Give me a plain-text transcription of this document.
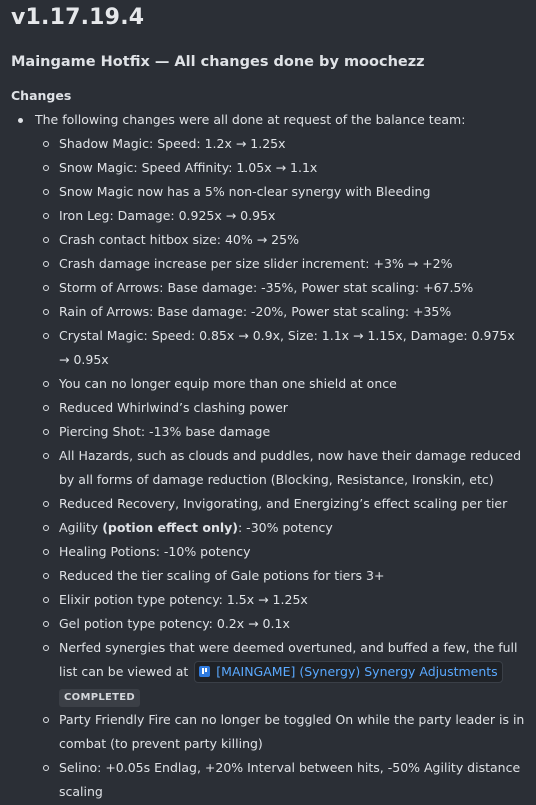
v1.17.19.4
Maingame Hotfix — All changes done by moochezz
Changes
The following changes were all done at request of the balance team:
Shadow Magic: Speed: 1.2x → 1.25x
Snow Magic: Speed Affinity: 1.05x → 1.1x
Snow Magic now has a 5% non-clear synergy with Bleeding
Iron Leg: Damage: 0.925x → 0.95x
Crash contact hitbox size: 40% → 25%
Crash damage increase per size slider increment: +3% → +2%
Storm of Arrows: Base damage: -35%, Power stat scaling: +67.5%
Rain of Arrows: Base damage: -20%, Power stat scaling: +35%
Crystal Magic: Speed: 0.85x → 0.9x, Size: 1.1x → 1.15x, Damage: 0.975x → 0.95x
You can no longer equip more than one shield at once
Reduced Whirlwind’s clashing power
Piercing Shot: -13% base damage
All Hazards, such as clouds and puddles, now have their damage reduced by all forms of damage reduction (Blocking, Resistance, Ironskin, etc)
Reduced Recovery, Invigorating, and Energizing’s effect scaling per tier
Agility (potion effect only): -30% potency
Healing Potions: -10% potency
Reduced the tier scaling of Gale potions for tiers 3+
Elixir potion type potency: 1.5x → 1.25x
Gel potion type potency: 0.2x → 0.1x
Nerfed synergies that were deemed overtuned, and buffed a few, the full list can be viewed at [MAINGAME] (Synergy) Synergy Adjustments COMPLETED
Party Friendly Fire can no longer be toggled On while the party leader is in combat (to prevent party killing)
Selino: +0.05s Endlag, +20% Interval between hits, -50% Agility distance scaling
